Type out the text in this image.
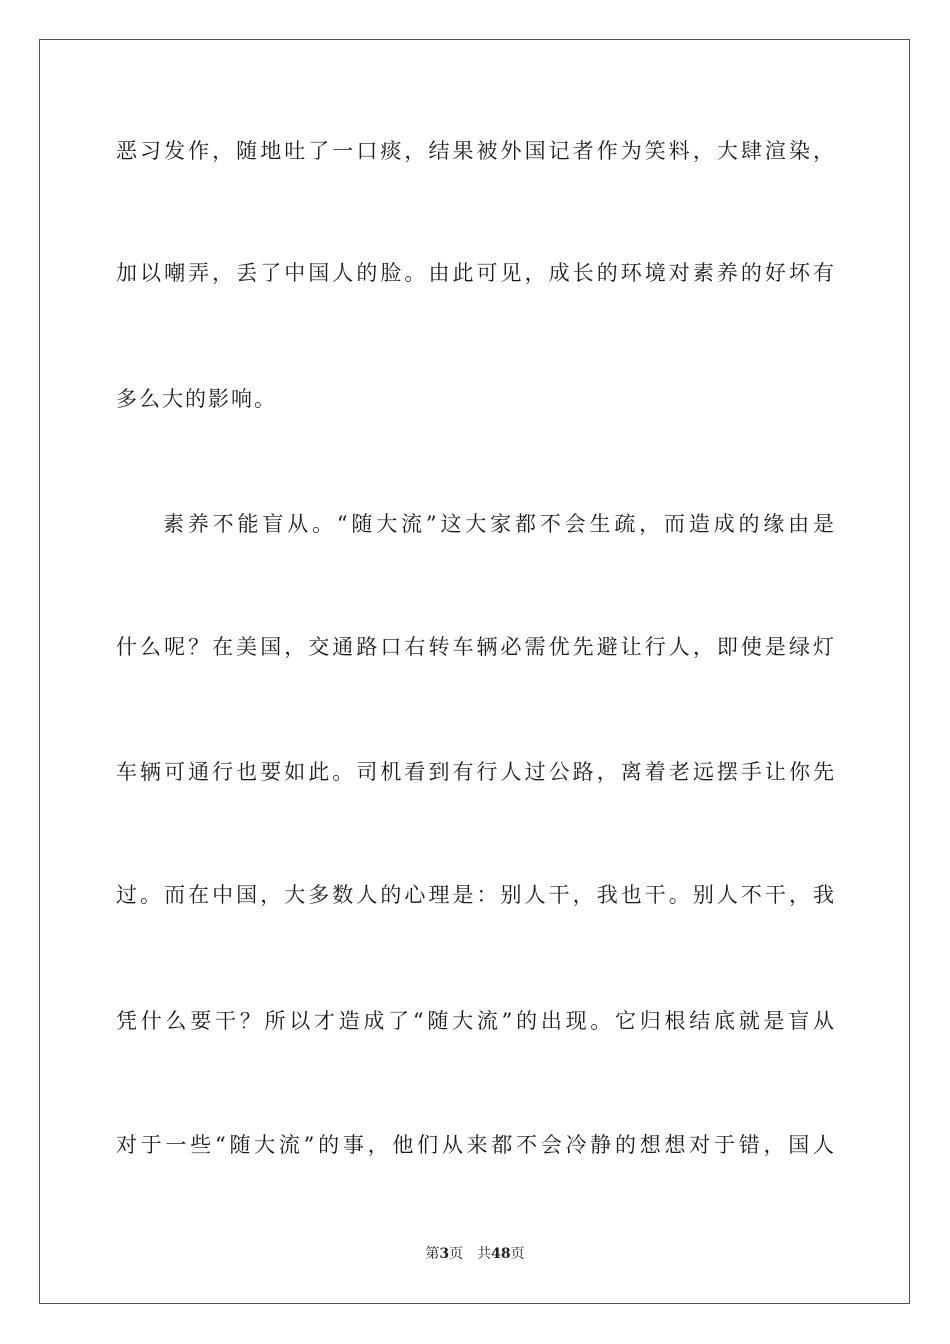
恶习发作，随地吐了一口痰，结果被外国记者作为笑料，大肆渲染，
加以嘲弄，丢了中国人的脸。由此可见，成长的环境对素养的好坏有
多么大的影响。
素养不能盲从。“随大流”这大家都不会生疏，而造成的缘由是
什么呢？在美国，交通路口右转车辆必需优先避让行人，即使是绿灯
车辆可通行也要如此。司机看到有行人过公路，离着老远摆手让你先
过。而在中国，大多数人的心理是：别人干，我也干。别人不干，我
凭什么要干？所以才造成了“随大流”的出现。它归根结底就是盲从
对于一些“随大流”的事，他们从来都不会冷静的想想对于错，国人
第3页 共48页
